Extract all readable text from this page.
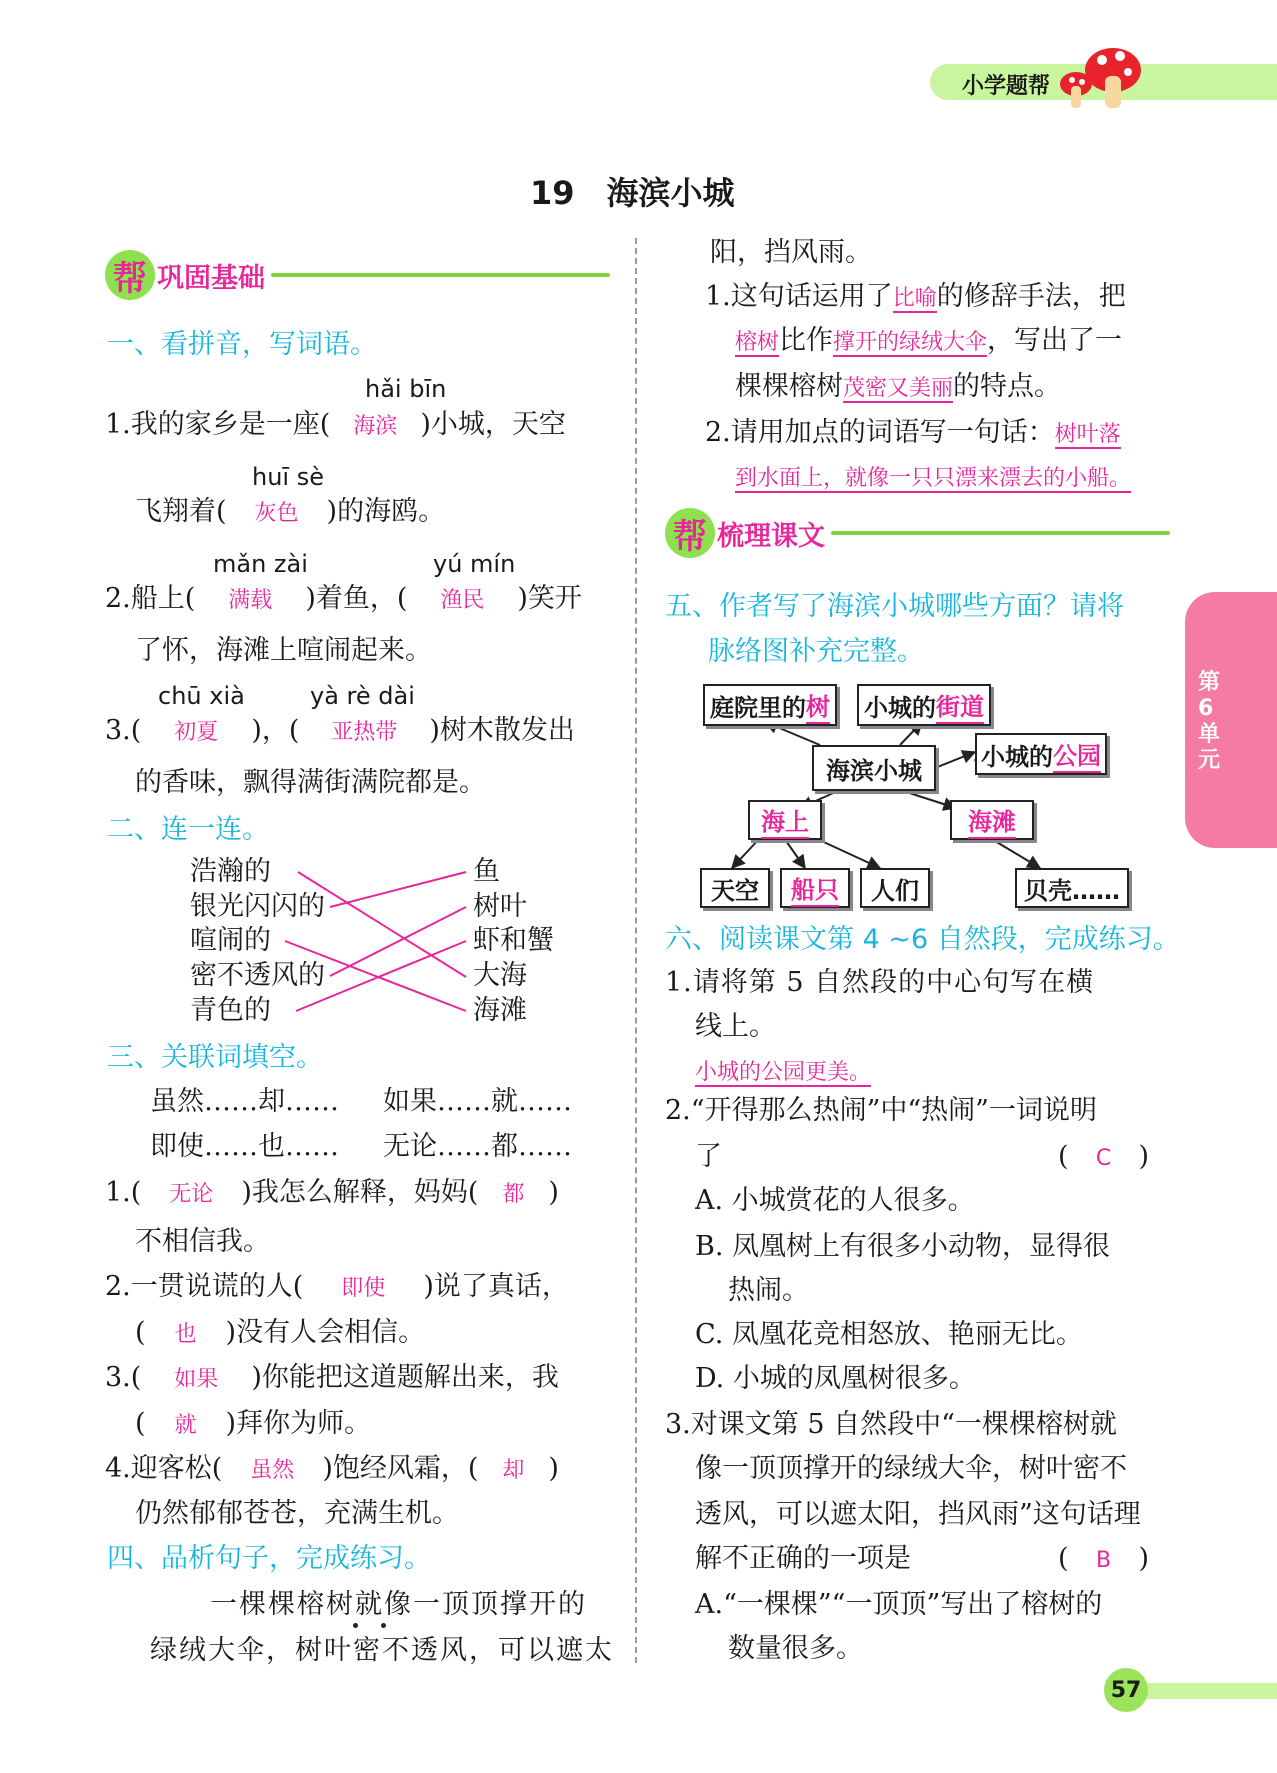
小学题帮
19　海滨小城
第6单元
57
帮 巩固基础
一、看拼音，写词语。
hǎi bīn
1.我的家乡是一座( 海滨 )小城，天空
huī sè
飞翔着( 灰色 )的海鸥。
mǎn zài	yú mín
2.船上( 满载 )着鱼，( 渔民 )笑开
了怀，海滩上喧闹起来。
chū xià	yà rè dài
3.( 初夏 )，( 亚热带 )树木散发出
的香味，飘得满街满院都是。
二、连一连。
浩瀚的
银光闪闪的
喧闹的
密不透风的
青色的
鱼
树叶
虾和蟹
大海
海滩
三、关联词填空。
虽然……却…… 如果……就……
即使……也…… 无论……都……
1.( 无论 )我怎么解释，妈妈( 都 )
不相信我。
2.一贯说谎的人( 即使 )说了真话，
( 也 )没有人会相信。
3.( 如果 )你能把这道题解出来，我
( 就 )拜你为师。
4.迎客松( 虽然 )饱经风霜，( 却 )
仍然郁郁苍苍，充满生机。
四、品析句子，完成练习。
一棵棵榕树就像一顶顶撑开的
绿绒大伞，树叶密不透风，可以遮太
阳，挡风雨。
1.这句话运用了比喻的修辞手法，把
榕树比作撑开的绿绒大伞，写出了一
棵棵榕树茂密又美丽的特点。
2.请用加点的词语写一句话：树叶落
到水面上，就像一只只漂来漂去的小船。
帮 梳理课文
五、作者写了海滨小城哪些方面？请将
脉络图补充完整。
庭院里的 树 小城的 街道
海滨小城 小城的 公园
海上	海滩
天空 船只 人们	贝壳……
六、阅读课文第 4 ~6 自然段，完成练习。
1.请将第 5 自然段的中心句写在横
线上。
小城的公园更美。
2.“开得那么热闹”中“热闹”一词说明
了	( C )
A. 小城赏花的人很多。
B. 凤凰树上有很多小动物，显得很
热闹。
C. 凤凰花竞相怒放、艳丽无比。
D. 小城的凤凰树很多。
3.对课文第 5 自然段中“一棵棵榕树就
像一顶顶撑开的绿绒大伞，树叶密不
透风，可以遮太阳，挡风雨”这句话理
解不正确的一项是	( B )
A.“一棵棵”“一顶顶”写出了榕树的
数量很多。
